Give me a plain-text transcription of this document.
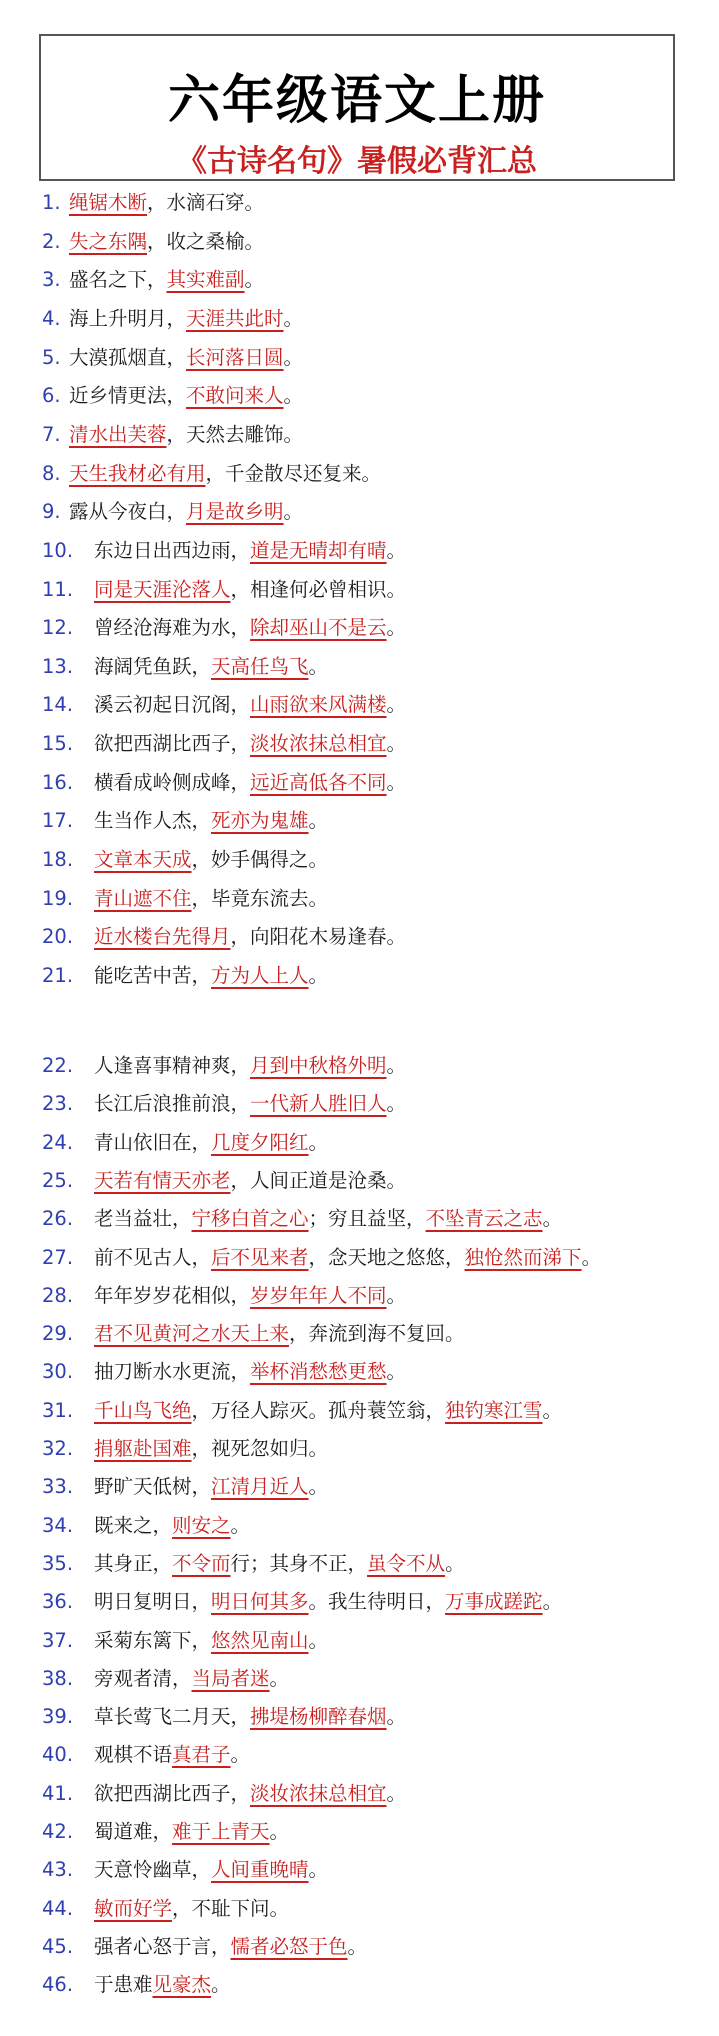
六年级语文上册
《古诗名句》暑假必背汇总
1. 绳锯木断，水滴石穿。
2. 失之东隅，收之桑榆。
3. 盛名之下，其实难副。
4. 海上升明月，天涯共此时。
5. 大漠孤烟直，长河落日圆。
6. 近乡情更法，不敢问来人。
7. 清水出芙蓉，天然去雕饰。
8. 天生我材必有用，千金散尽还复来。
9. 露从今夜白，月是故乡明。
10. 东边日出西边雨，道是无晴却有晴。
11. 同是天涯沦落人，相逢何必曾相识。
12. 曾经沧海难为水，除却巫山不是云。
13. 海阔凭鱼跃，天高任鸟飞。
14. 溪云初起日沉阁，山雨欲来风满楼。
15. 欲把西湖比西子，淡妆浓抹总相宜。
16. 横看成岭侧成峰，远近高低各不同。
17. 生当作人杰，死亦为鬼雄。
18. 文章本天成，妙手偶得之。
19. 青山遮不住，毕竟东流去。
20. 近水楼台先得月，向阳花木易逢春。
21. 能吃苦中苦，方为人上人。
22. 人逢喜事精神爽，月到中秋格外明。
23. 长江后浪推前浪，一代新人胜旧人。
24. 青山依旧在，几度夕阳红。
25. 天若有情天亦老，人间正道是沧桑。
26. 老当益壮，宁移白首之心；穷且益坚，不坠青云之志。
27. 前不见古人，后不见来者，念天地之悠悠，独怆然而涕下。
28. 年年岁岁花相似，岁岁年年人不同。
29. 君不见黄河之水天上来，奔流到海不复回。
30. 抽刀断水水更流，举杯消愁愁更愁。
31. 千山鸟飞绝，万径人踪灭。孤舟蓑笠翁，独钓寒江雪。
32. 捐躯赴国难，视死忽如归。
33. 野旷天低树，江清月近人。
34. 既来之，则安之。
35. 其身正，不令而行；其身不正，虽令不从。
36. 明日复明日，明日何其多。我生待明日，万事成蹉跎。
37. 采菊东篱下，悠然见南山。
38. 旁观者清，当局者迷。
39. 草长莺飞二月天，拂堤杨柳醉春烟。
40. 观棋不语真君子。
41. 欲把西湖比西子，淡妆浓抹总相宜。
42. 蜀道难，难于上青天。
43. 天意怜幽草，人间重晚晴。
44. 敏而好学，不耻下问。
45. 强者心怒于言，懦者必怒于色。
46. 于患难见豪杰。
